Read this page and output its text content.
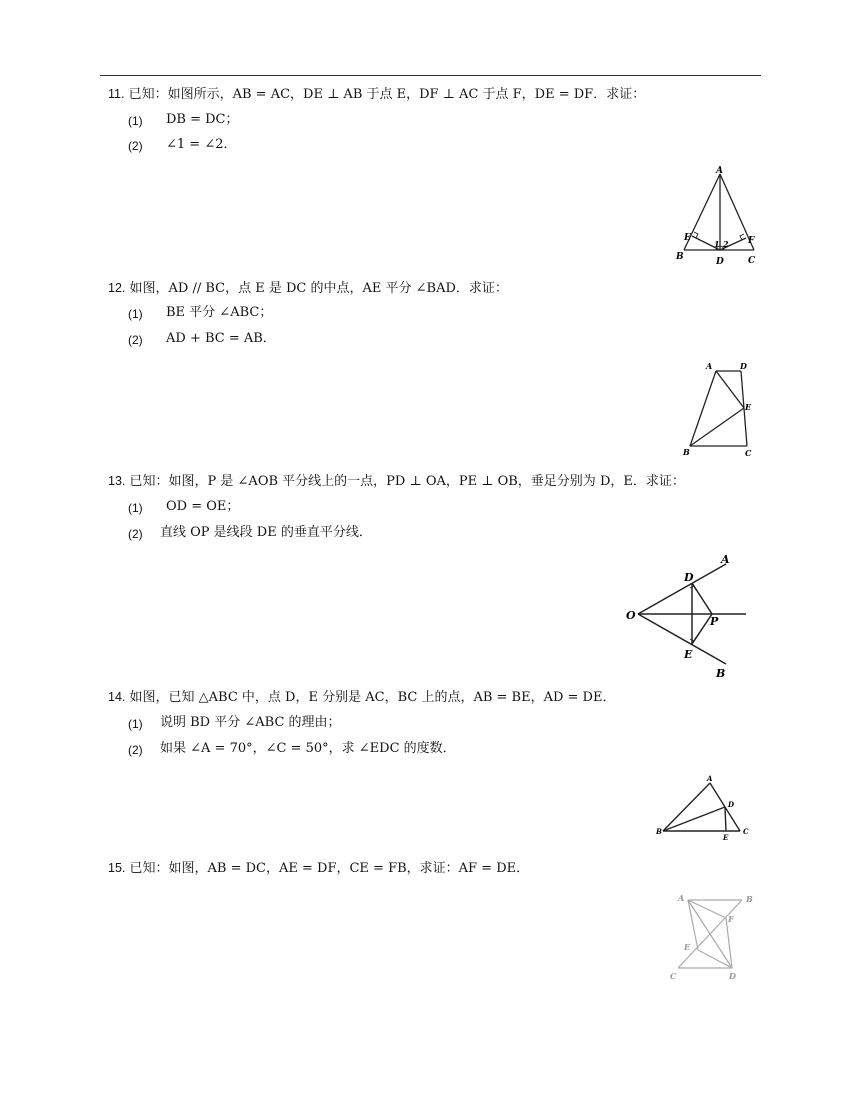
11. 已知：如图所示，AB = AC，DE ⊥ AB 于点 E，DF ⊥ AC 于点 F，DE = DF．求证：
(1) DB = DC；
(2) ∠1 = ∠2．
A
B	C
D
E	F
1 2
12. 如图，AD // BC，点 E 是 DC 的中点，AE 平分 ∠BAD．求证：
(1) BE 平分 ∠ABC；
(2) AD + BC = AB．
A	D
E
B	C
13. 已知：如图，P 是 ∠AOB 平分线上的一点，PD ⊥ OA，PE ⊥ OB，垂足分别为 D，E．求证：
(1) OD = OE；
(2) 直线 OP 是线段 DE 的垂直平分线．
O
A
B
D
E
P
14. 如图，已知 △ABC 中，点 D，E 分别是 AC，BC 上的点，AB = BE，AD = DE．
(1) 说明 BD 平分 ∠ABC 的理由；
(2) 如果 ∠A = 70°，∠C = 50°，求 ∠EDC 的度数．
A
B	C
D
E
15. 已知：如图，AB = DC，AE = DF，CE = FB，求证：AF = DE．
A	B
F
E
C	D
